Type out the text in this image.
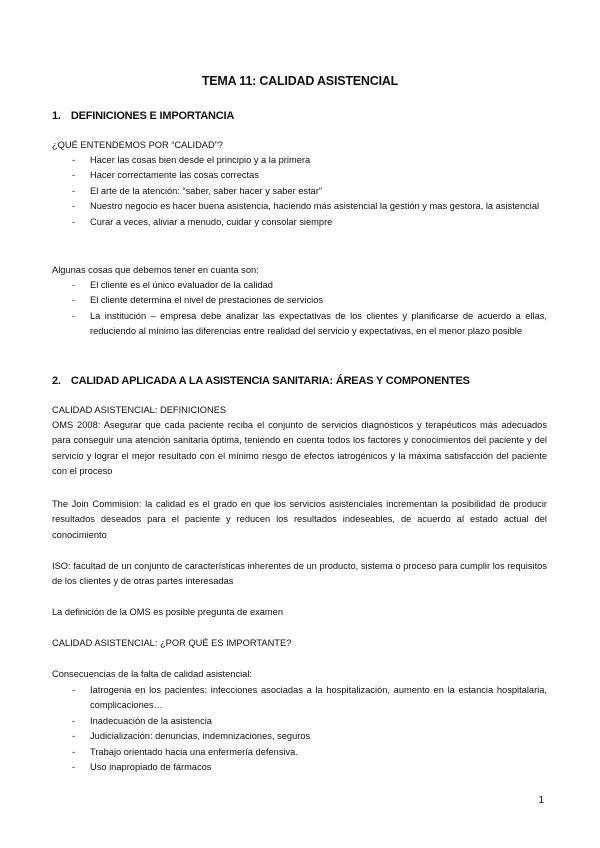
TEMA 11: CALIDAD ASISTENCIAL
1. DEFINICIONES E IMPORTANCIA
¿QUÉ ENTENDEMOS POR “CALIDAD”?
- Hacer las cosas bien desde el principio y a la primera
- Hacer correctamente las cosas correctas
- El arte de la atención: “saber, saber hacer y saber estar”
- Nuestro negocio es hacer buena asistencia, haciendo más asistencial la gestión y mas gestora, la asistencial
- Curar a veces, aliviar a menudo, cuidar y consolar siempre
Algunas cosas que debemos tener en cuanta son:
- El cliente es el único evaluador de la calidad
- El cliente determina el nivel de prestaciones de servicios
- La institución – empresa debe analizar las expectativas de los clientes y planificarse de acuerdo a ellas, reduciendo al mínimo las diferencias entre realidad del servicio y expectativas, en el menor plazo posible
2. CALIDAD APLICADA A LA ASISTENCIA SANITARIA: ÁREAS Y COMPONENTES
CALIDAD ASISTENCIAL: DEFINICIONES
OMS 2008: Asegurar que cada paciente reciba el conjunto de servicios diagnósticos y terapéuticos más adecuados para conseguir una atención sanitaria óptima, teniendo en cuenta todos los factores y conocimientos del paciente y del servicio y lograr el mejor resultado con el mínimo riesgo de efectos iatrogénicos y la máxima satisfacción del paciente con el proceso
The Join Commision: la calidad es el grado en que los servicios asistenciales incrementan la posibilidad de producir resultados deseados para el paciente y reducen los resultados indeseables, de acuerdo al estado actual del conocimiento
ISO: facultad de un conjunto de características inherentes de un producto, sistema o proceso para cumplir los requisitos de los clientes y de otras partes interesadas
La definición de la OMS es posible pregunta de examen
CALIDAD ASISTENCIAL: ¿POR QUÉ ES IMPORTANTE?
Consecuencias de la falta de calidad asistencial:
- Iatrogenia en los pacientes: infecciones asociadas a la hospitalización, aumento en la estancia hospitalaria, complicaciones…
- Inadecuación de la asistencia
- Judicialización: denuncias, indemnizaciones, seguros
- Trabajo orientado hacia una enfermería defensiva.
- Uso inapropiado de fármacos
1
